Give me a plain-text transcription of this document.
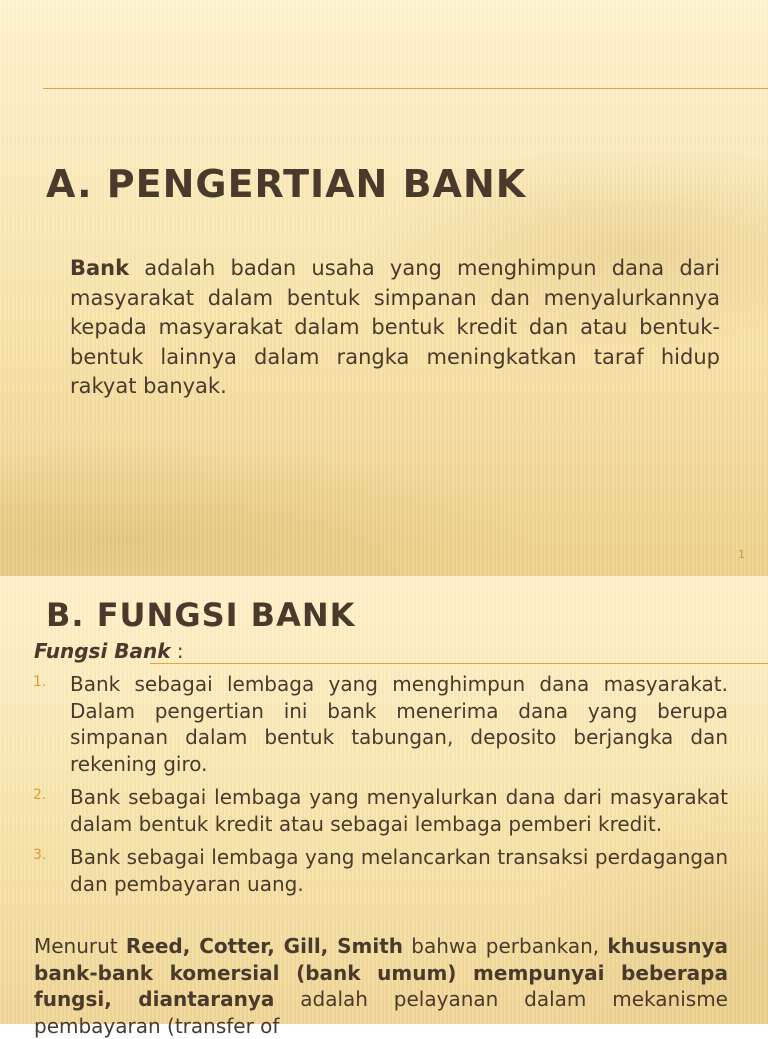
A. PENGERTIAN BANK

Bank adalah badan usaha yang menghimpun dana dari masyarakat dalam bentuk simpanan dan menyalurkannya kepada masyarakat dalam bentuk kredit dan atau bentuk-bentuk lainnya dalam rangka meningkatkan taraf hidup rakyat banyak.

1
B. FUNGSI BANK

Fungsi Bank :

1. Bank sebagai lembaga yang menghimpun dana masyarakat. Dalam pengertian ini bank menerima dana yang berupa simpanan dalam bentuk tabungan, deposito berjangka dan rekening giro.
2. Bank sebagai lembaga yang menyalurkan dana dari masyarakat dalam bentuk kredit atau sebagai lembaga pemberi kredit.
3. Bank sebagai lembaga yang melancarkan transaksi perdagangan dan pembayaran uang.

Menurut Reed, Cotter, Gill, Smith bahwa perbankan, khususnya bank-bank komersial (bank umum) mempunyai beberapa fungsi, diantaranya adalah pelayanan dalam mekanisme pembayaran (transfer of
